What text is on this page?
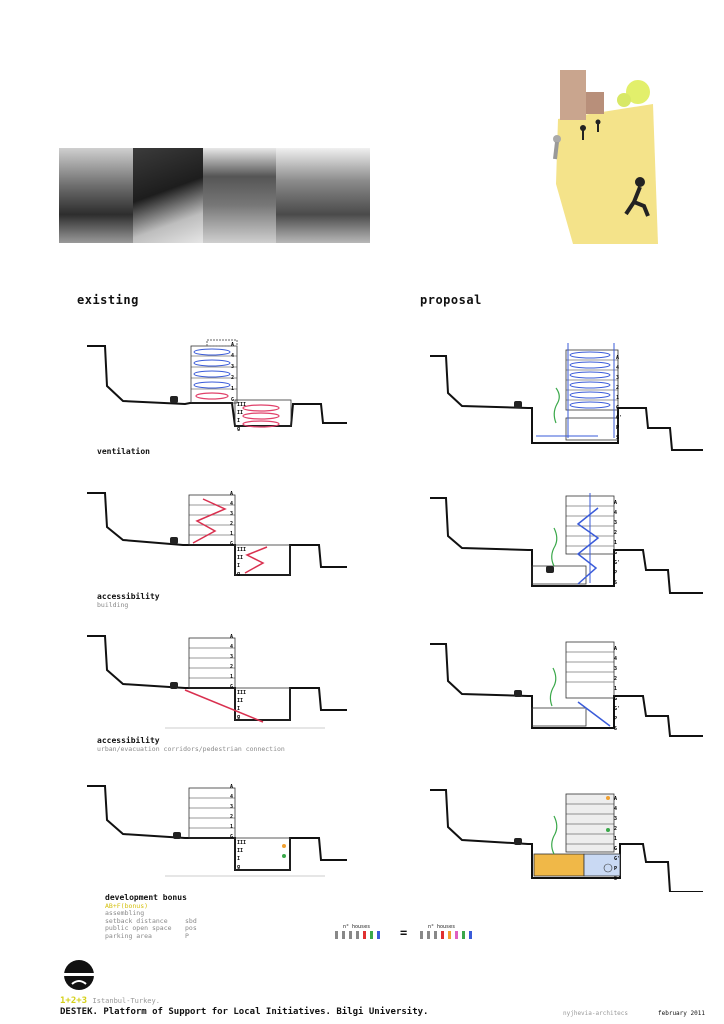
existing	proposal
A
4
3
2
1
G
III
II
I
g
ventilation
A
4
3
2
1
G
G'
P
S
A
4
3
2
1
G
III
II
I
g
accessibility
building
A
4
3
2
1
G
G'
P
S
A
4
3
2
1
G
III
II
I
g
accessibility
urban/evacuation corridors/pedestrian connection
A
4
3
2
1
G
G'
P
S
A
4
3
2
1
G
III
II
I
g
development bonus
AB+F(bonus)
assembling
setback distance	sbd
public open space pos
parking area	P
A
4
3
2
1
G
G'
P
S
n° houses =	n° houses
1+2+3 Istanbul-Turkey.
DESTEK. Platform of Support for Local Initiatives. Bilgi University.	nyjhevia-architecs	february 2011
